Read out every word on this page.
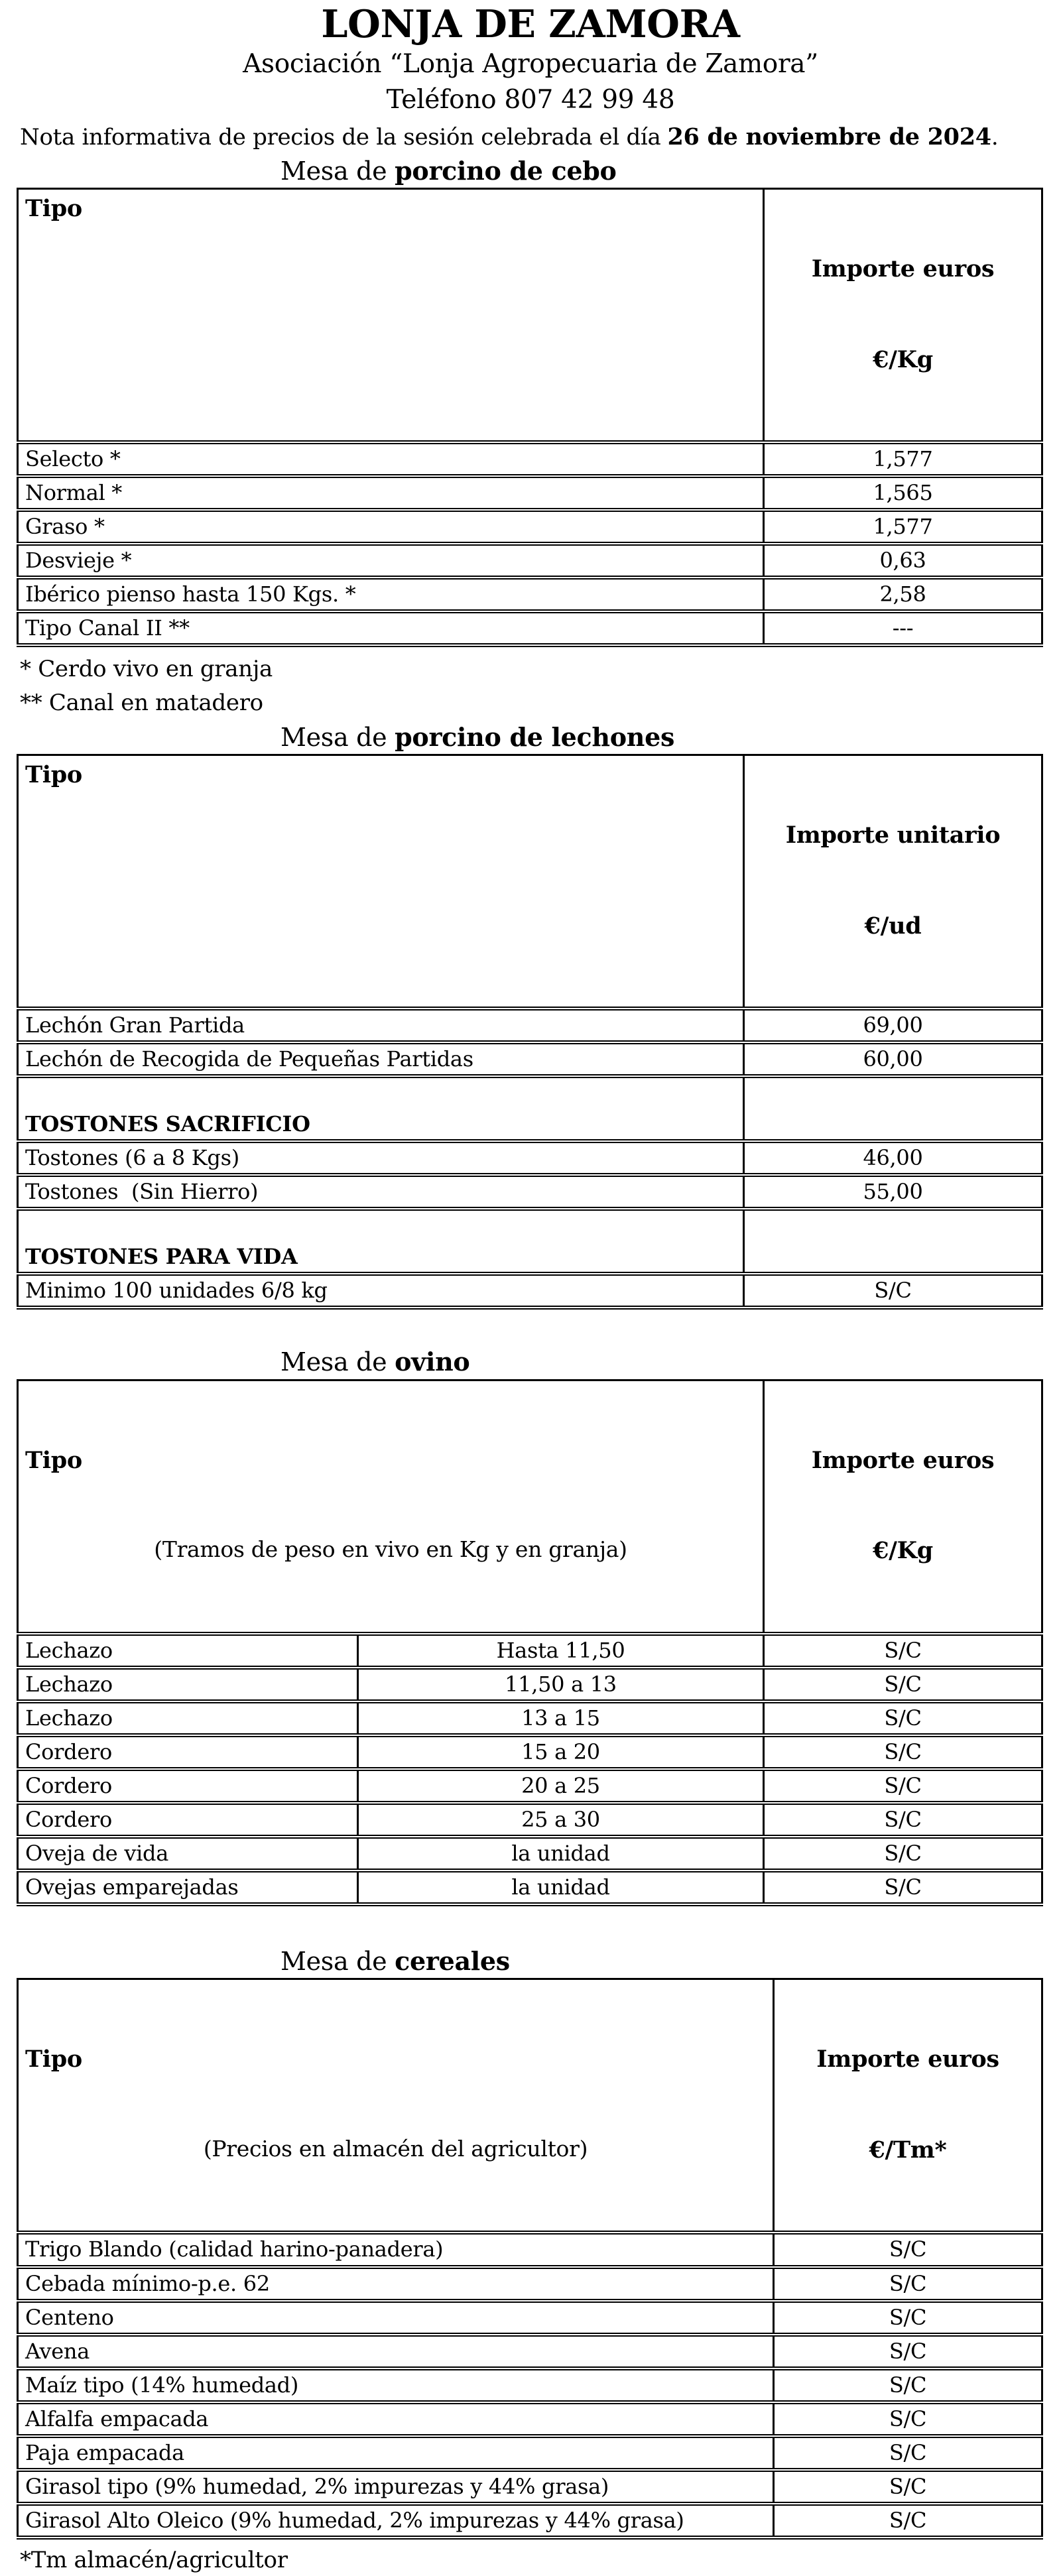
LONJA DE ZAMORA
Asociación “Lonja Agropecuaria de Zamora”
Teléfono 807 42 99 48
Nota informativa de precios de la sesión celebrada el día 26 de noviembre de 2024.
Mesa de porcino de cebo
Tipo	Importe euros

€/Kg

Selecto *	1,577
Normal *	1,565
Graso *	1,577
Desvieje *	0,63
Ibérico pienso hasta 150 Kgs. *	2,58
Tipo Canal II **	---
* Cerdo vivo en granja
** Canal en matadero
Mesa de porcino de lechones
Tipo	Importe unitario

€/ud

Lechón Gran Partida	69,00
Lechón de Recogida de Pequeñas Partidas	60,00
TOSTONES SACRIFICIO	
Tostones (6 a 8 Kgs)	46,00
Tostones  (Sin Hierro)	55,00
TOSTONES PARA VIDA	
Minimo 100 unidades 6/8 kg	S/C
Mesa de ovino

Tipo

(Tramos de peso en vivo en Kg y en granja)

Importe euros

€/Kg

Lechazo	Hasta 11,50	S/C
Lechazo	11,50 a 13	S/C
Lechazo	13 a 15	S/C
Cordero	15 a 20	S/C
Cordero	20 a 25	S/C
Cordero	25 a 30	S/C
Oveja de vida	la unidad	S/C
Ovejas emparejadas	la unidad	S/C
Mesa de cereales

Tipo

(Precios en almacén del agricultor)

Importe euros

€/Tm*

Trigo Blando (calidad harino-panadera)	S/C
Cebada mínimo-p.e. 62	S/C
Centeno	S/C
Avena	S/C
Maíz tipo (14% humedad)	S/C
Alfalfa empacada	S/C
Paja empacada	S/C
Girasol tipo (9% humedad, 2% impurezas y 44% grasa)	S/C
Girasol Alto Oleico (9% humedad, 2% impurezas y 44% grasa)	S/C
*Tm almacén/agricultor
